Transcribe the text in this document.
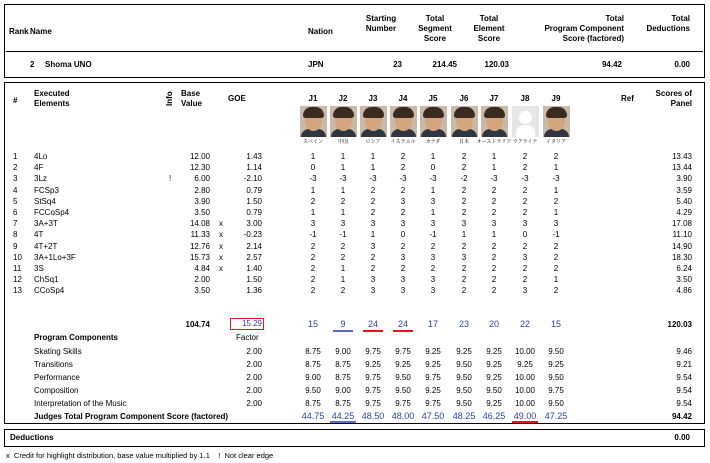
Rank Name	Nation
Starting
Number
Total
Segment
Score
Total
Element
Score
Total
Program Component
Score (factored)
Total
Deductions
2 Shoma UNO	JPN	23	214.45	120.03	94.42	0.00
#
Executed
Elements	Info Base
Value
GOE	Ref
Scores of
Panel
J1
スペイン
J2
中国
J3
ロシア
J4
イスラエル
J5
カナダ
J6
日本
J7
オーストラリア
J8
ウクライナ
J9
イタリア
1 4Lo	12.00	1.43	1	1	1	2	1	2	1	2	2	13.43
2 4F	12.30	1.14	0	1	1	2	0	2	1	2	1	13.44
3 3Lz	!	6.00	-2.10	-3	-3	-3	-3	-3	-2	-3	-3	-3	3.90
4 FCSp3	2.80	0.79	1	1	2	2	1	2	2	2	1	3.59
5 StSq4	3.90	1.50	2	2	2	3	3	2	2	2	2	5.40
6 FCCoSp4	3.50	0.79	1	1	2	2	1	2	2	2	1	4.29
7 3A+3T	14.08 x	3.00	3	3	3	3	3	3	3	3	3	17.08
8 4T	11.33 x	-0.23	-1	-1	1	0	-1	1	1	0	-1	11.10
9 4T+2T	12.76 x	2.14	2	2	3	2	2	2	2	2	2	14.90
10 3A+1Lo+3F	15.73 x	2.57	2	2	2	3	3	3	2	3	2	18.30
11 3S	4.84 x	1.40	2	1	2	2	2	2	2	2	2	6.24
12 ChSq1	2.00	1.50	2	1	3	3	3	2	2	2	1	3.50
13 CCoSp4	3.50	1.36	2	2	3	3	3	2	2	3	2	4.86
104.74	15.29	15	9	24	24	17	23	20	22	15	120.03
Program Components	Factor
Skating Skills	2.00	8.75	9.00	9.75	9.75	9.25	9.25	9.25	10.00	9.50	9.46
Transitions	2.00	8.75	8.75	9.25	9.25	9.25	9.50	9.25	9.25	9.25	9.21
Performance	2.00	9.00	8.75	9.75	9.50	9.75	9.50	9.25	10.00	9.50	9.54
Composition	2.00	9.50	9.00	9.75	9.50	9.25	9.50	9.50	10.00	9.75	9.54
Interpretation of the Music	2.00	8.75	8.75	9.75	9.75	9.75	9.50	9.25	10.00	9.50	9.54
Judges Total Program Component Score (factored)	44.75 44.25 48.50 48.00 47.50 48.25 46.25 49.00 47.25	94.42
Deductions	0.00
x  Credit for highlight distribution, base value multiplied by 1.1    !  Not clear edge
